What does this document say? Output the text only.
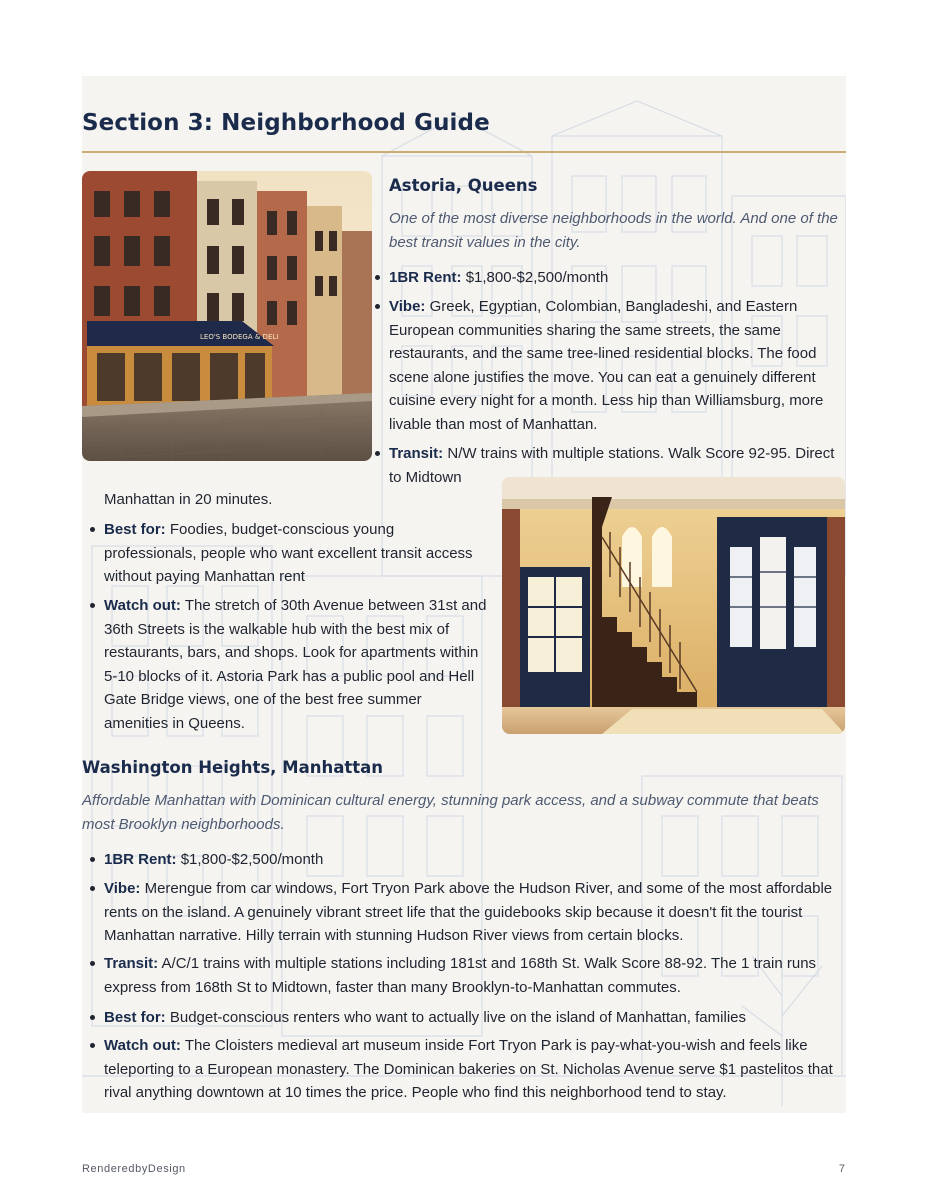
Section 3: Neighborhood Guide
LEO'S BODEGA & DELI
Astoria, Queens

One of the most diverse neighborhoods in the world. And one of the best transit values in the city.

1BR Rent: $1,800-$2,500/month

Vibe: Greek, Egyptian, Colombian, Bangladeshi, and Eastern European communities sharing the same streets, the same restaurants, and the same tree-lined residential blocks. The food scene alone justifies the move. You can eat a genuinely different cuisine every night for a month. Less hip than Williamsburg, more livable than most of Manhattan.

Transit: N/W trains with multiple stations. Walk Score 92-95. Direct to Midtown

Manhattan in 20 minutes.

Best for: Foodies, budget-conscious young professionals, people who want excellent transit access without paying Manhattan rent

Watch out: The stretch of 30th Avenue between 31st and 36th Streets is the walkable hub with the best mix of restaurants, bars, and shops. Look for apartments within 5-10 blocks of it. Astoria Park has a public pool and Hell Gate Bridge views, one of the best free summer amenities in Queens.

Washington Heights, Manhattan

Affordable Manhattan with Dominican cultural energy, stunning park access, and a subway commute that beats most Brooklyn neighborhoods.

1BR Rent: $1,800-$2,500/month

Vibe: Merengue from car windows, Fort Tryon Park above the Hudson River, and some of the most affordable rents on the island. A genuinely vibrant street life that the guidebooks skip because it doesn't fit the tourist Manhattan narrative. Hilly terrain with stunning Hudson River views from certain blocks.

Transit: A/C/1 trains with multiple stations including 181st and 168th St. Walk Score 88-92. The 1 train runs express from 168th St to Midtown, faster than many Brooklyn-to-Manhattan commutes.

Best for: Budget-conscious renters who want to actually live on the island of Manhattan, families

Watch out: The Cloisters medieval art museum inside Fort Tryon Park is pay-what-you-wish and feels like teleporting to a European monastery. The Dominican bakeries on St. Nicholas Avenue serve $1 pastelitos that rival anything downtown at 10 times the price. People who find this neighborhood tend to stay.

RenderedbyDesign	7
